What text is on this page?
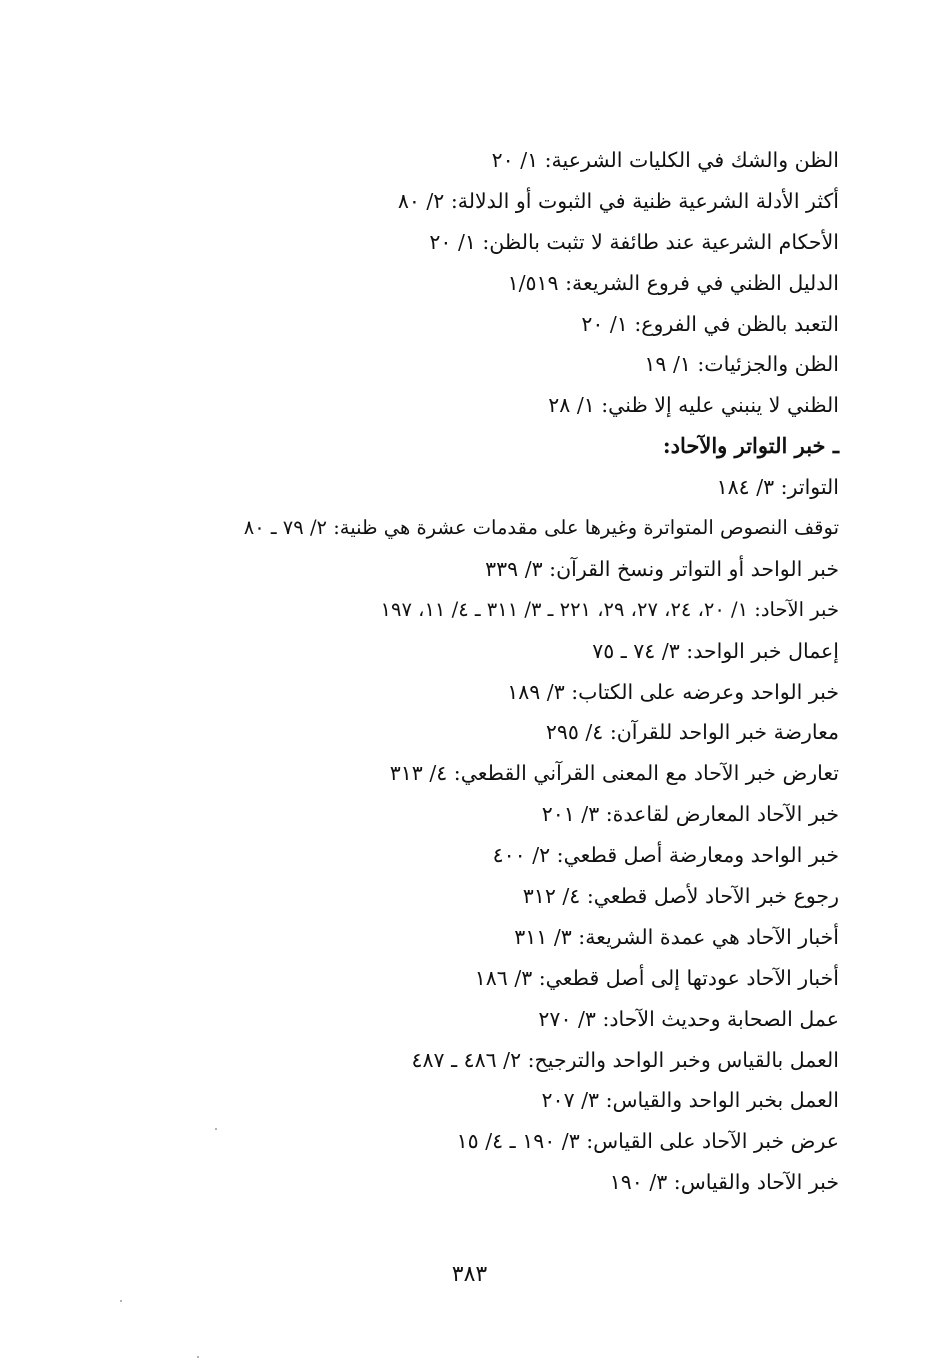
الظن والشك في الكليات الشرعية: ١/ ٢٠
أكثر الأدلة الشرعية ظنية في الثبوت أو الدلالة: ٢/ ٨٠
الأحكام الشرعية عند طائفة لا تثبت بالظن: ١/ ٢٠
الدليل الظني في فروع الشريعة: ١/٥١٩
التعبد بالظن في الفروع: ١/ ٢٠
الظن والجزئيات: ١/ ١٩
الظني لا ينبني عليه إلا ظني: ١/ ٢٨
ـ خبر التواتر والآحاد:
التواتر: ٣/ ١٨٤
توقف النصوص المتواترة وغيرها على مقدمات عشرة هي ظنية: ٢/ ٧٩ ـ ٨٠
خبر الواحد أو التواتر ونسخ القرآن: ٣/ ٣٣٩
خبر الآحاد: ١/ ٢٠، ٢٤، ٢٧، ٢٩، ٢٢١ ـ ٣/ ٣١١ ـ ٤/ ١١، ١٩٧
إعمال خبر الواحد: ٣/ ٧٤ ـ ٧٥
خبر الواحد وعرضه على الكتاب: ٣/ ١٨٩
معارضة خبر الواحد للقرآن: ٤/ ٢٩٥
تعارض خبر الآحاد مع المعنى القرآني القطعي: ٤/ ٣١٣
خبر الآحاد المعارض لقاعدة: ٣/ ٢٠١
خبر الواحد ومعارضة أصل قطعي: ٢/ ٤٠٠
رجوع خبر الآحاد لأصل قطعي: ٤/ ٣١٢
أخبار الآحاد هي عمدة الشريعة: ٣/ ٣١١
أخبار الآحاد عودتها إلى أصل قطعي: ٣/ ١٨٦
عمل الصحابة وحديث الآحاد: ٣/ ٢٧٠
العمل بالقياس وخبر الواحد والترجيح: ٢/ ٤٨٦ ـ ٤٨٧
العمل بخبر الواحد والقياس: ٣/ ٢٠٧
عرض خبر الآحاد على القياس: ٣/ ١٩٠ ـ ٤/ ١٥
خبر الآحاد والقياس: ٣/ ١٩٠
٣٨٣
